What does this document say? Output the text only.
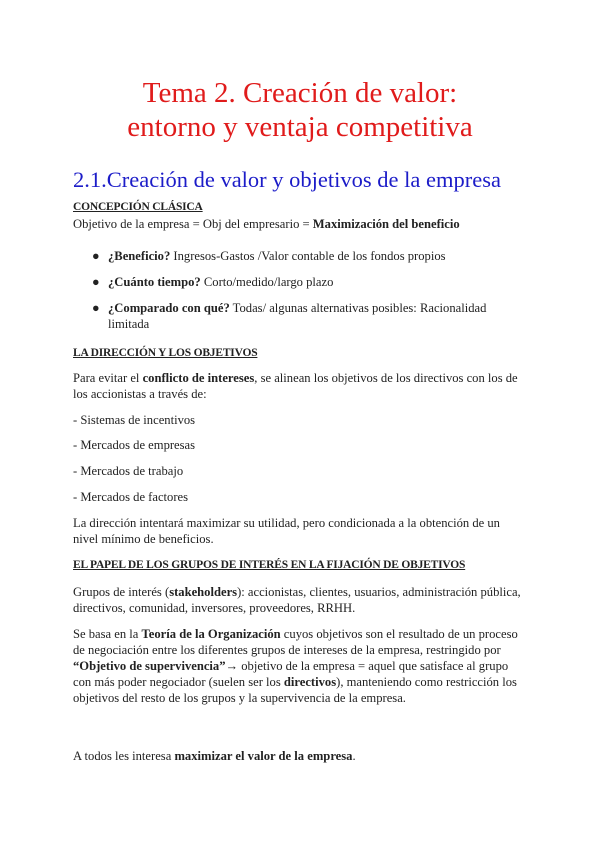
Tema 2. Creación de valor:
entorno y ventaja competitiva
2.1.Creación de valor y objetivos de la empresa
CONCEPCIÓN CLÁSICA

Objetivo de la empresa = Obj del empresario = Maximización del beneficio

● ¿Beneficio? Ingresos-Gastos /Valor contable de los fondos propios

● ¿Cuánto tiempo? Corto/medido/largo plazo

● ¿Comparado con qué? Todas/ algunas alternativas posibles: Racionalidad limitada

LA DIRECCIÓN Y LOS OBJETIVOS

Para evitar el conflicto de intereses, se alinean los objetivos de los directivos con los de los accionistas a través de:

- Sistemas de incentivos

- Mercados de empresas

- Mercados de trabajo

- Mercados de factores

La dirección intentará maximizar su utilidad, pero condicionada a la obtención de un nivel mínimo de beneficios.

EL PAPEL DE LOS GRUPOS DE INTERÉS EN LA FIJACIÓN DE OBJETIVOS

Grupos de interés (stakeholders): accionistas, clientes, usuarios, administración pública, directivos, comunidad, inversores, proveedores, RRHH.

Se basa en la Teoría de la Organización cuyos objetivos son el resultado de un proceso de negociación entre los diferentes grupos de intereses de la empresa, restringido por “Objetivo de supervivencia”→ objetivo de la empresa = aquel que satisface al grupo con más poder negociador (suelen ser los directivos), manteniendo como restricción los objetivos del resto de los grupos y la supervivencia de la empresa.

A todos les interesa maximizar el valor de la empresa.
